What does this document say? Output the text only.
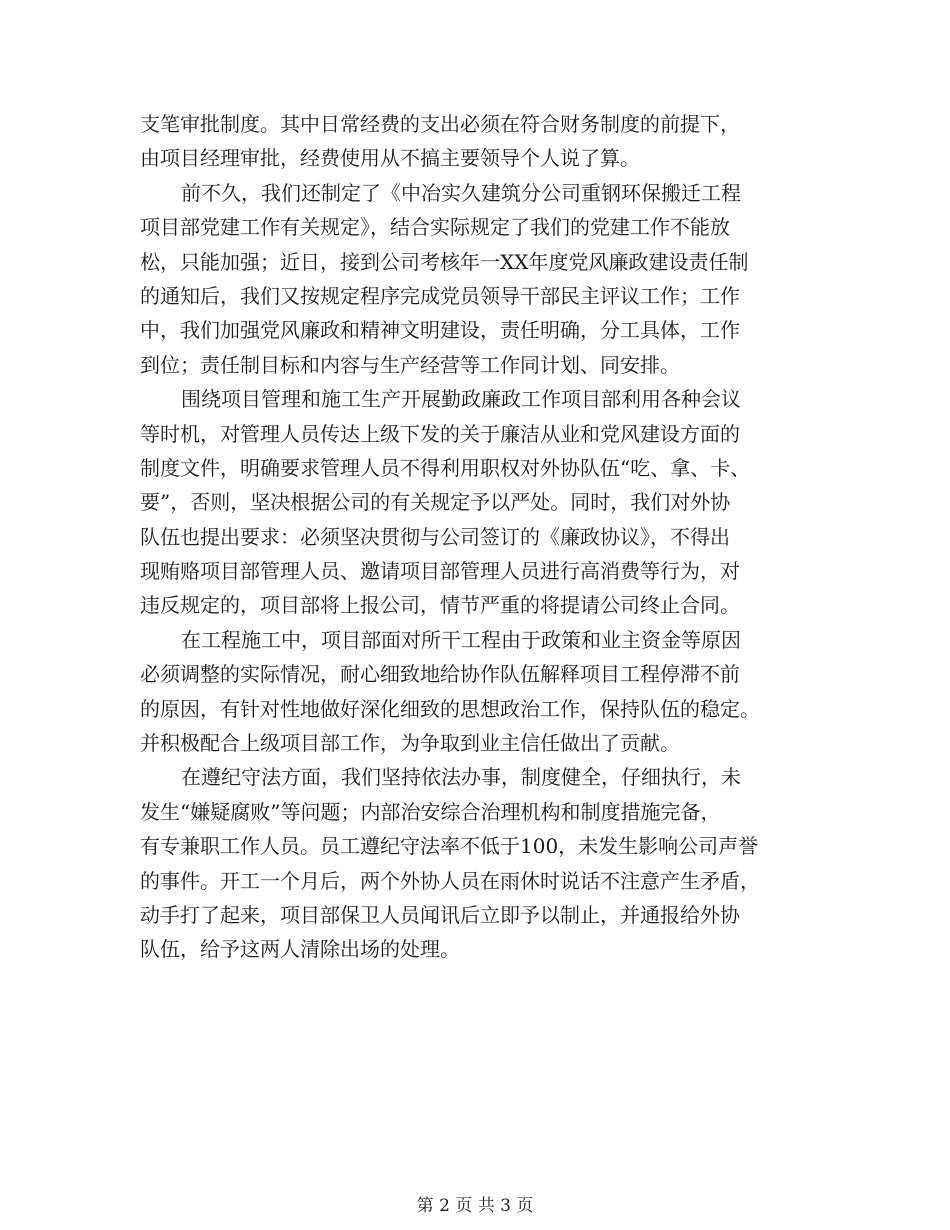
支笔审批制度。其中日常经费的支出必须在符合财务制度的前提下，
由项目经理审批，经费使用从不搞主要领导个人说了算。
前不久，我们还制定了《中冶实久建筑分公司重钢环保搬迁工程
项目部党建工作有关规定》，结合实际规定了我们的党建工作不能放
松，只能加强；近日，接到公司考核年一XX年度党风廉政建设责任制
的通知后，我们又按规定程序完成党员领导干部民主评议工作；工作
中，我们加强党风廉政和精神文明建设，责任明确，分工具体，工作
到位；责任制目标和内容与生产经营等工作同计划、同安排。
围绕项目管理和施工生产开展勤政廉政工作项目部利用各种会议
等时机，对管理人员传达上级下发的关于廉洁从业和党风建设方面的
制度文件，明确要求管理人员不得利用职权对外协队伍“吃、拿、卡、
要”，否则，坚决根据公司的有关规定予以严处。同时，我们对外协
队伍也提出要求：必须坚决贯彻与公司签订的《廉政协议》，不得出
现贿赂项目部管理人员、邀请项目部管理人员进行高消费等行为，对
违反规定的，项目部将上报公司，情节严重的将提请公司终止合同。
在工程施工中，项目部面对所干工程由于政策和业主资金等原因
必须调整的实际情况，耐心细致地给协作队伍解释项目工程停滞不前
的原因，有针对性地做好深化细致的思想政治工作，保持队伍的稳定。
并积极配合上级项目部工作，为争取到业主信任做出了贡献。
在遵纪守法方面，我们坚持依法办事，制度健全，仔细执行，未
发生“嫌疑腐败”等问题；内部治安综合治理机构和制度措施完备，
有专兼职工作人员。员工遵纪守法率不低于100，未发生影响公司声誉
的事件。开工一个月后，两个外协人员在雨休时说话不注意产生矛盾，
动手打了起来，项目部保卫人员闻讯后立即予以制止，并通报给外协
队伍，给予这两人清除出场的处理。
第 2 页 共 3 页
